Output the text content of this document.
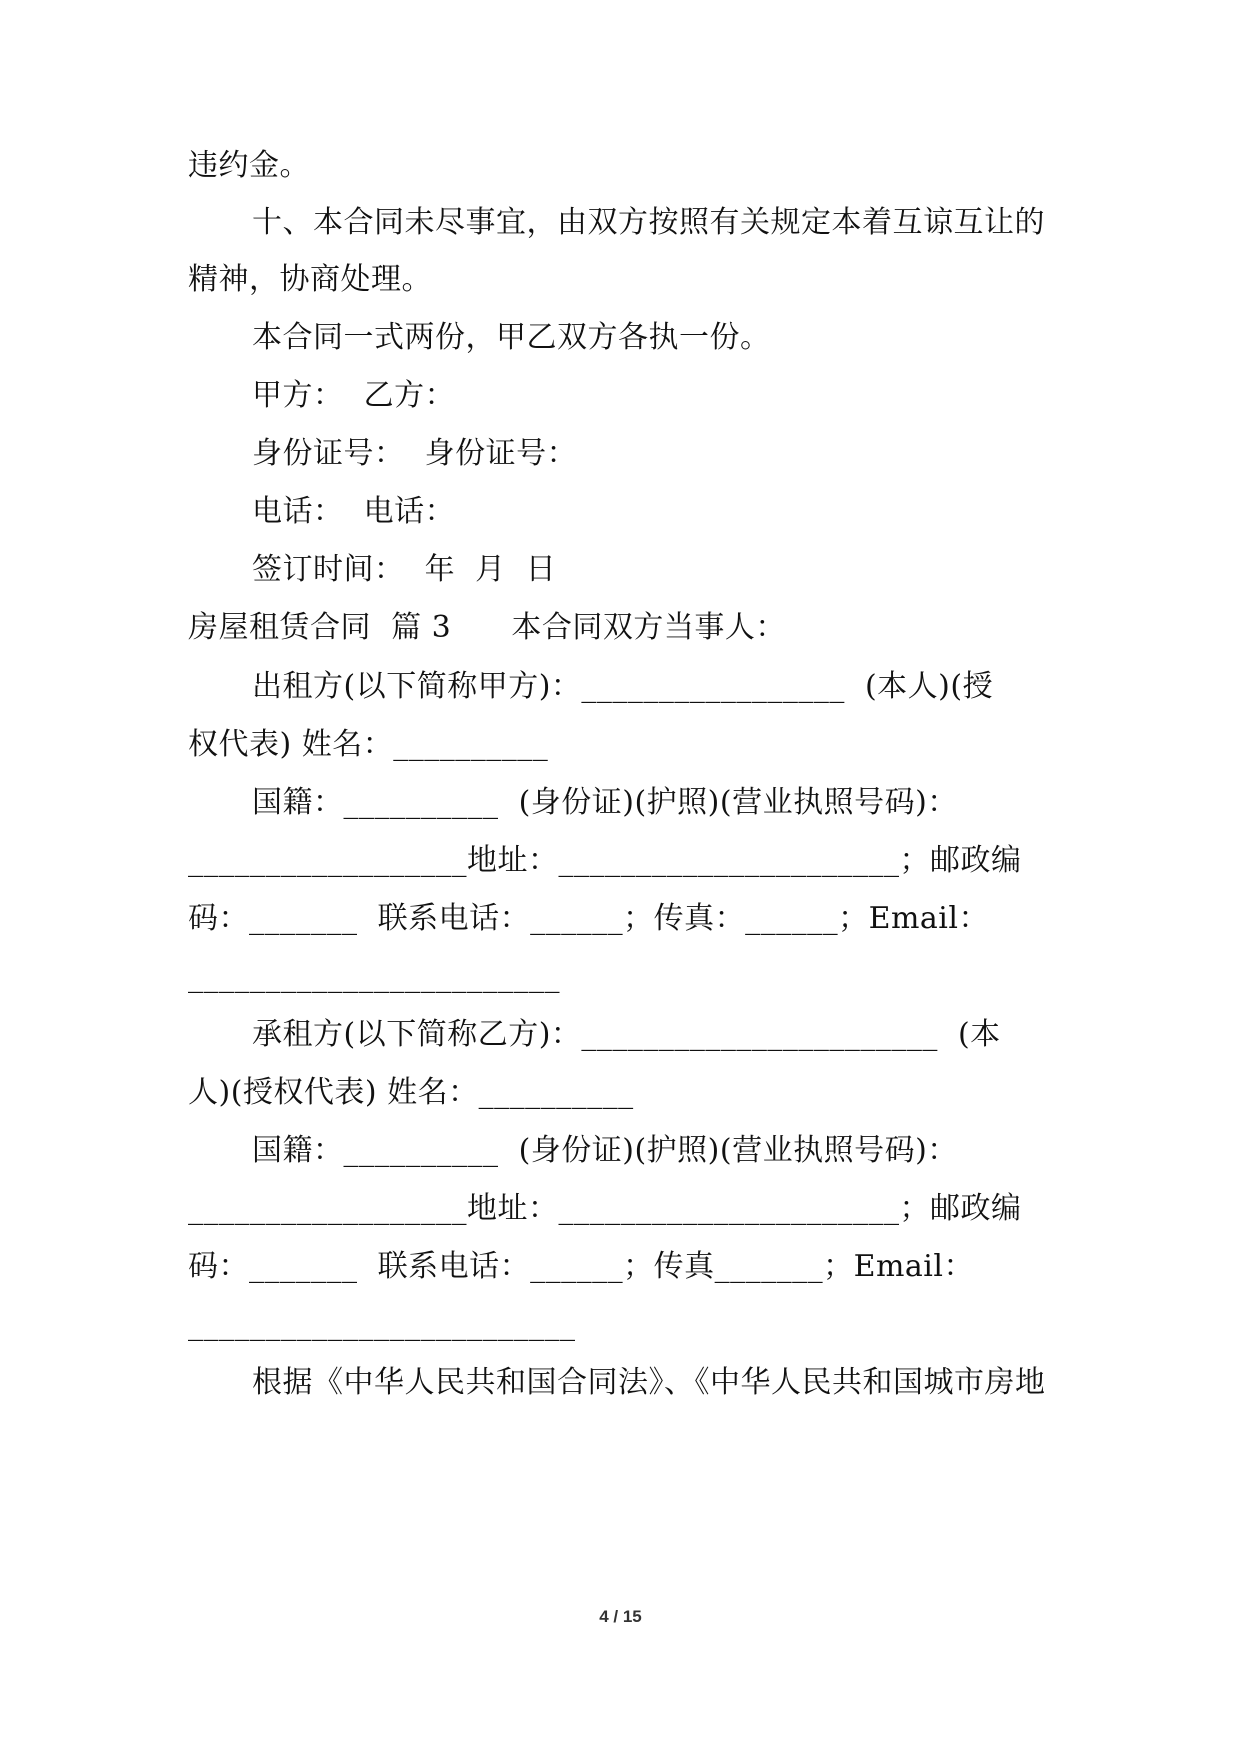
违约金。
十、本合同未尽事宜，由双方按照有关规定本着互谅互让的
精神，协商处理。
本合同一式两份，甲乙双方各执一份。
甲方：  乙方：
身份证号：  身份证号：
电话：  电话：
签订时间：  年  月  日
房屋租赁合同  篇 3      本合同双方当事人：
出租方(以下简称甲方)：_________________  (本人)(授
权代表) 姓名：__________
国籍：__________  (身份证)(护照)(营业执照号码)：
__________________地址：______________________；邮政编
码：_______  联系电话：______；传真：______；Email：
________________________
承租方(以下简称乙方)：_______________________  (本
人)(授权代表) 姓名：__________
国籍：__________  (身份证)(护照)(营业执照号码)：
__________________地址：______________________；邮政编
码：_______  联系电话：______；传真_______；Email：
_________________________
根据《中华人民共和国合同法》、《中华人民共和国城市房地
4 / 15
